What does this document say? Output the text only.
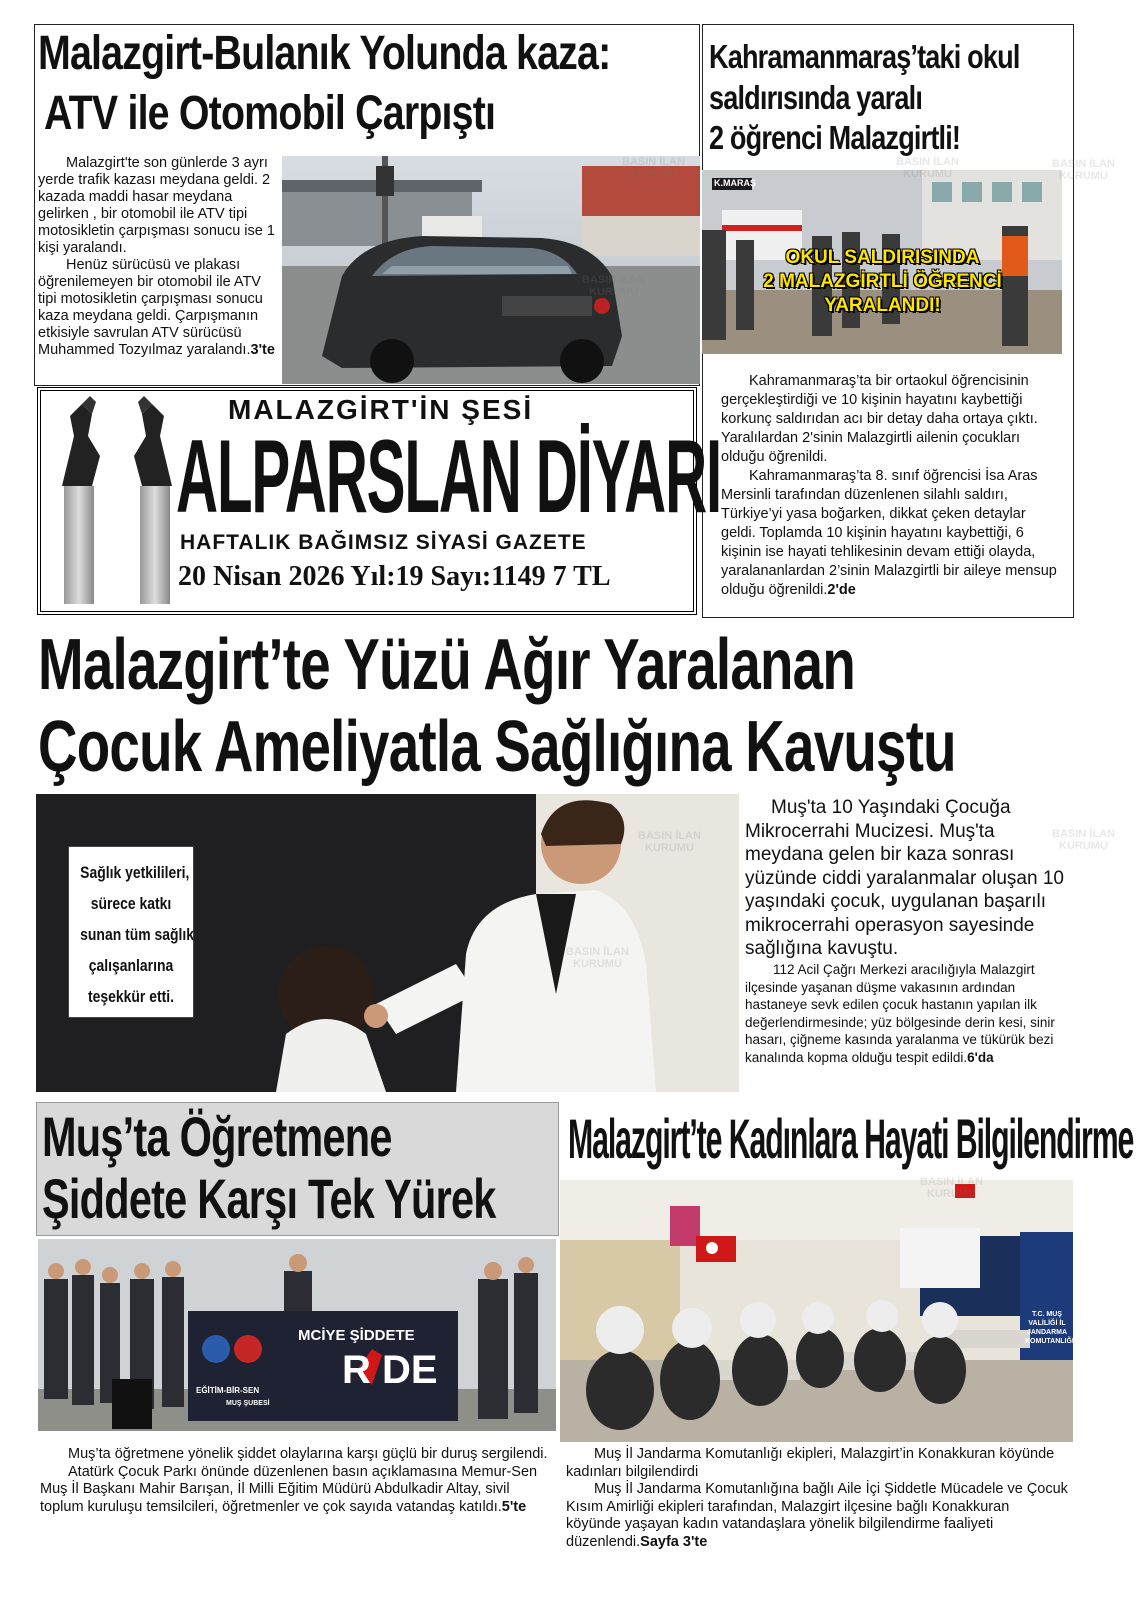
Malazgirt-Bulanık Yolunda kaza:
ATV ile Otomobil Çarpıştı

Malazgirt'te son günlerde 3 ayrı yerde trafik kazası meydana geldi. 2 kazada maddi hasar meydana gelirken , bir otomobil ile ATV tipi motosikletin çarpışması sonucu ise 1 kişi yaralandı.

Henüz sürücüsü ve plakası öğrenilemeyen bir otomobil ile ATV tipi motosikletin çarpışması sonucu kaza meydana geldi. Çarpışmanın etkisiyle savrulan ATV sürücüsü Muhammed Tozyılmaz yaralandı.3'te

Kahramanmaraş’taki okul
saldırısında yaralı
2 öğrenci Malazgirtli!
K.MARAŞ
OKUL SALDIRISINDA
2 MALAZGİRTLİ ÖĞRENCİ
YARALANDI!

Kahramanmaraş’ta bir ortaokul öğrencisinin gerçekleştirdiği ve 10 kişinin hayatını kaybettiği korkunç saldırıdan acı bir detay daha ortaya çıktı. Yaralılardan 2'sinin Malazgirtli ailenin çocukları olduğu öğrenildi.

Kahramanmaraş’ta 8. sınıf öğrencisi İsa Aras Mersinli tarafından düzenlenen silahlı saldırı, Türkiye’yi yasa boğarken, dikkat çeken detaylar geldi. Toplamda 10 kişinin hayatını kaybettiği, 6 kişinin ise hayati tehlikesinin devam ettiği olayda, yaralananlardan 2’sinin Malazgirtli bir aileye mensup olduğu öğrenildi.2'de

MALAZGİRT'İN ŞESİ
ALPARSLAN DİYARI
HAFTALIK BAĞIMSIZ SİYASİ GAZETE
20 Nisan 2026 Yıl:19 Sayı:1149 7 TL
Malazgirt’te Yüzü Ağır Yaralanan
Çocuk Ameliyatla Sağlığına Kavuştu
Sağlık yetkilileri,
sürece katkı
sunan tüm sağlık
çalışanlarına
teşekkür etti.
Muş'ta 10 Yaşındaki Çocuğa Mikrocerrahi Mucizesi. Muş'ta meydana gelen bir kaza sonrası yüzünde ciddi yaralanmalar oluşan 10 yaşındaki çocuk, uygulanan başarılı mikrocerrahi operasyon sayesinde sağlığına kavuştu.

112 Acil Çağrı Merkezi aracılığıyla Malazgirt ilçesinde yaşanan düşme vakasının ardından hastaneye sevk edilen çocuk hastanın yapılan ilk değerlendirmesinde; yüz bölgesinde derin kesi, sinir hasarı, çiğneme kasında yaralanma ve tükürük bezi kanalında kopma olduğu tespit edildi.6'da

Muş’ta Öğretmene
Şiddete Karşı Tek Yürek
MCİYE ŞİDDETE
R DE
EĞİTİM-BİR-SEN
MUŞ ŞUBESİ

Muş’ta öğretmene yönelik şiddet olaylarına karşı güçlü bir duruş sergilendi.

Atatürk Çocuk Parkı önünde düzenlenen basın açıklamasına Memur-Sen Muş İl Başkanı Mahir Barışan, İl Milli Eğitim Müdürü Abdulkadir Altay, sivil toplum kuruluşu temsilcileri, öğretmenler ve çok sayıda vatandaş katıldı.5'te

Malazgirt’te Kadınlara Hayati Bilgilendirme
T.C. MUŞ VALİLİĞİ İL JANDARMA KOMUTANLIĞI

Muş İl Jandarma Komutanlığı ekipleri, Malazgirt’in Konakkuran köyünde kadınları bilgilendirdi

Muş İl Jandarma Komutanlığına bağlı Aile İçi Şiddetle Mücadele ve Çocuk Kısım Amirliği ekipleri tarafından, Malazgirt ilçesine bağlı Konakkuran köyünde yaşayan kadın vatandaşlara yönelik bilgilendirme faaliyeti düzenlendi.Sayfa 3'te

BASIN İLAN
KURUMU
BASIN İLAN
KURUMU
